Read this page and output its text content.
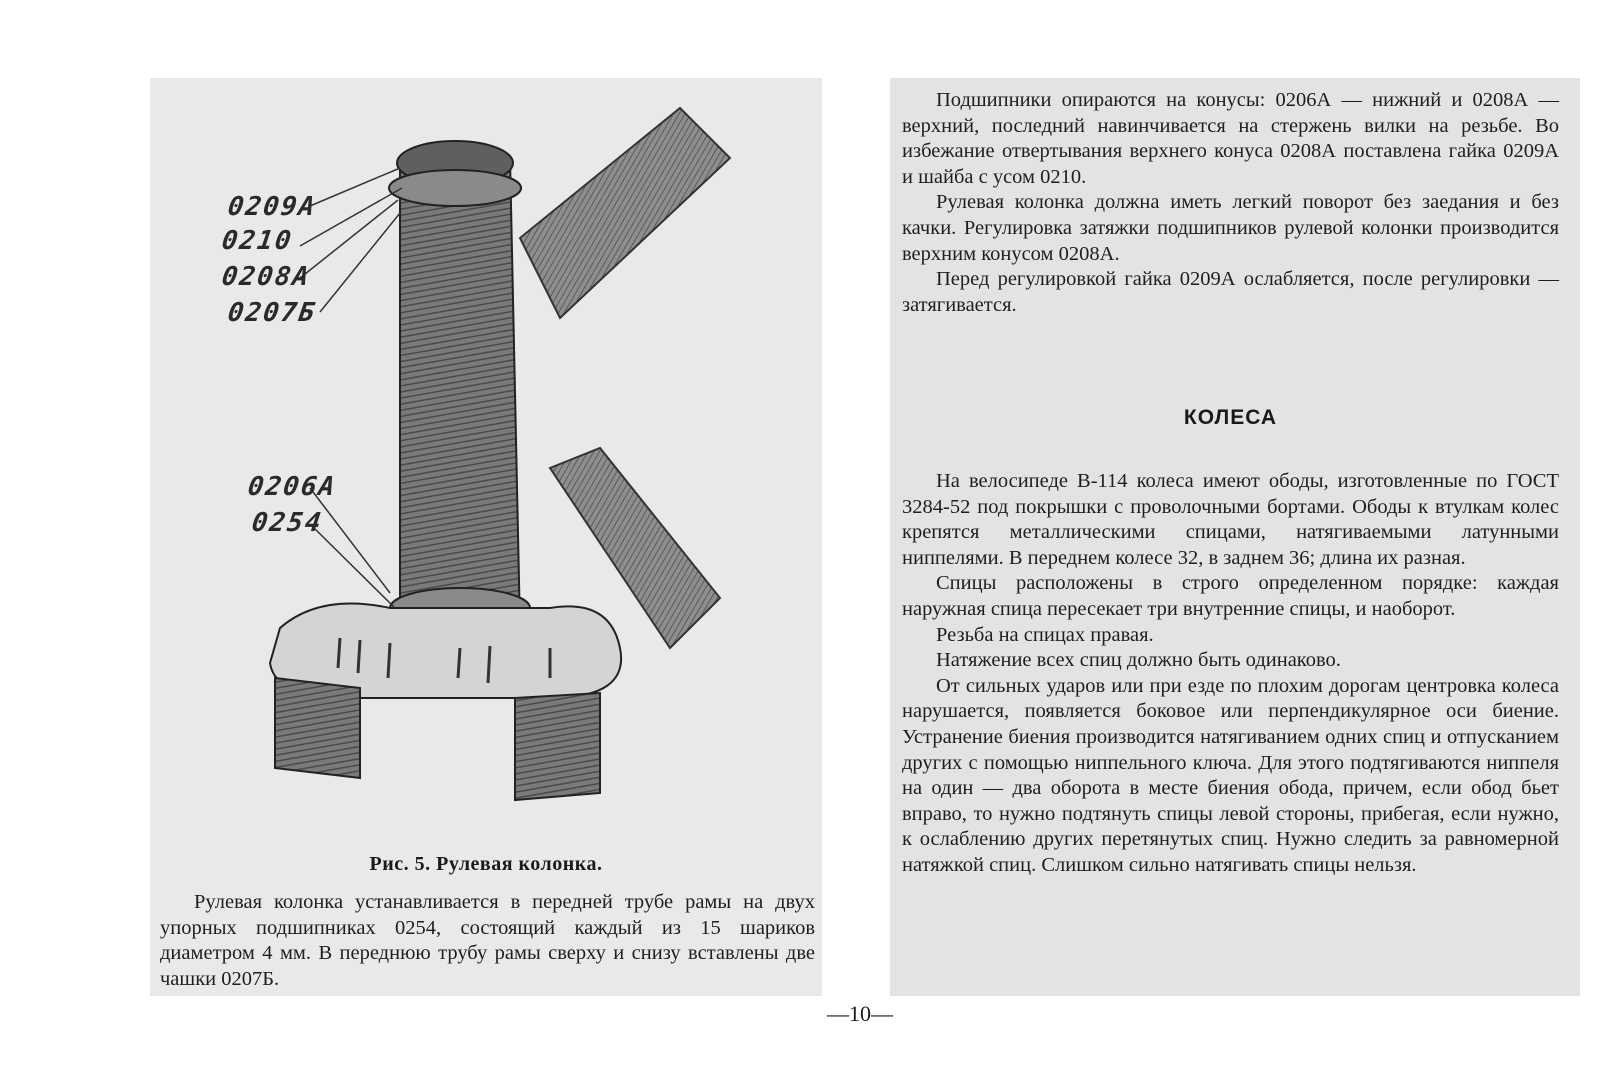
0209А
0210
0208А
0207Б
0206А
0254
Рис. 5. Рулевая колонка.

Рулевая колонка устанавливается в передней трубе рамы на двух упорных подшипниках 0254, состоящий каждый из 15 шариков диаметром 4 мм. В переднюю трубу рамы сверху и снизу вставлены две чашки 0207Б.

Подшипники опираются на конусы: 0206А — нижний и 0208А — верхний, последний навинчивается на стержень вилки на резьбе. Во избежание отвертывания верхнего конуса 0208А поставлена гайка 0209А и шайба с усом 0210.

Рулевая колонка должна иметь легкий поворот без заедания и без качки. Регулировка затяжки подшипников рулевой колонки производится верхним конусом 0208А.

Перед регулировкой гайка 0209А ослабляется, после регулировки — затягивается.

КОЛЕСА

На велосипеде В-114 колеса имеют ободы, изготовленные по ГОСТ 3284-52 под покрышки с проволочными бортами. Ободы к втулкам колес крепятся металлическими спицами, натягиваемыми латунными ниппелями. В переднем колесе 32, в заднем 36; длина их разная.

Спицы расположены в строго определенном порядке: каждая наружная спица пересекает три внутренние спицы, и наоборот.

Резьба на спицах правая.

Натяжение всех спиц должно быть одинаково.

От сильных ударов или при езде по плохим дорогам центровка колеса нарушается, появляется боковое или перпендикулярное оси биение. Устранение биения производится натягиванием одних спиц и отпусканием других с помощью ниппельного ключа. Для этого подтягиваются ниппеля на один — два оборота в месте биения обода, причем, если обод бьет вправо, то нужно подтянуть спицы левой стороны, прибегая, если нужно, к ослаблению других перетянутых спиц. Нужно следить за равномерной натяжкой спиц. Слишком сильно натягивать спицы нельзя.

—10—
